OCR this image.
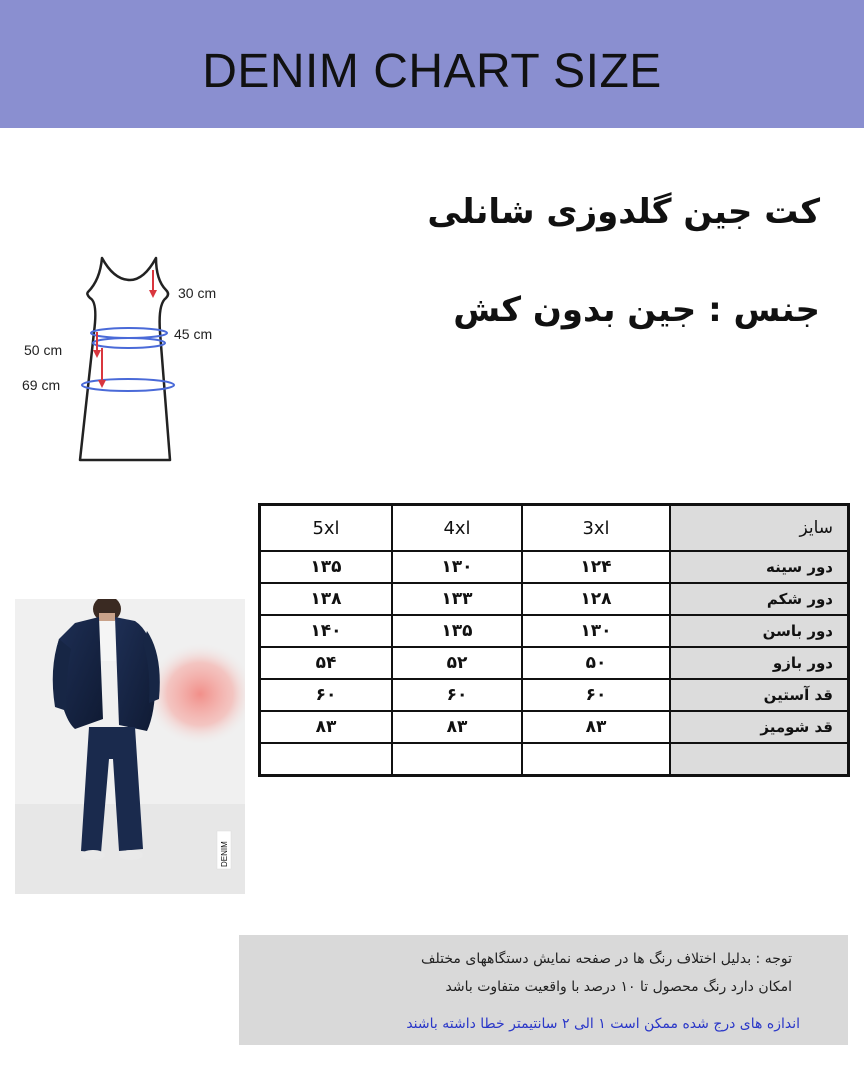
DENIM CHART SIZE
کت جین گلدوزی شانلی
جنس : جین بدون کش
30 cm
45 cm
50 cm
69 cm
5xl	4xl	3xl	سایز
۱۳۵	۱۳۰	۱۲۴	دور سینه
۱۳۸	۱۳۳	۱۲۸	دور شکم
۱۴۰	۱۳۵	۱۳۰	دور باسن
۵۴	۵۲	۵۰	دور بازو
۶۰	۶۰	۶۰	قد آستین
۸۳	۸۳	۸۳	قد شومیز

DENIM
توجه : بدلیل اختلاف رنگ ها در صفحه نمایش دستگاههای مختلف
امکان دارد رنگ محصول تا ۱۰ درصد با واقعیت متفاوت باشد
اندازه های درج شده ممکن است ۱ الی ۲ سانتیمتر خطا داشته باشند
